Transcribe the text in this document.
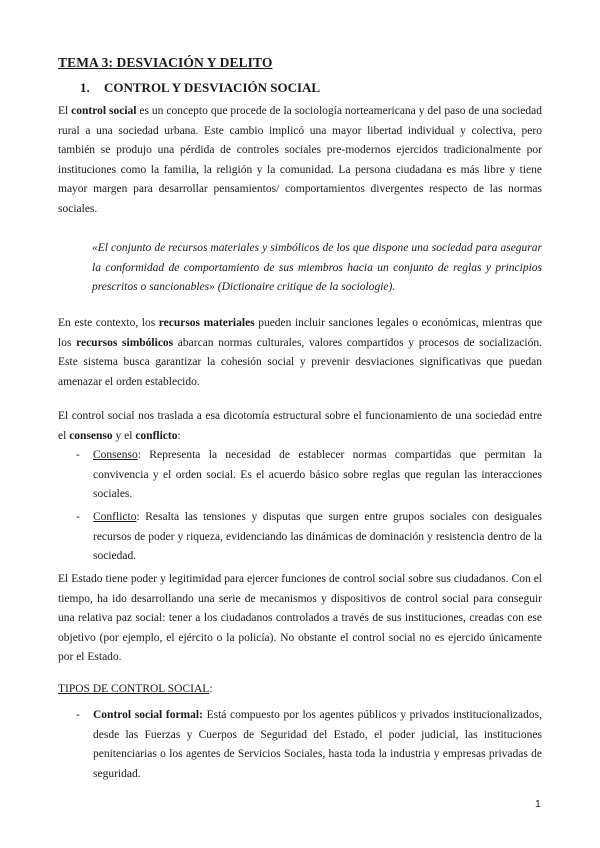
TEMA 3: DESVIACIÓN Y DELITO
1. CONTROL Y DESVIACIÓN SOCIAL
El control social es un concepto que procede de la sociología norteamericana y del paso de una sociedad rural a una sociedad urbana. Este cambio implicó una mayor libertad individual y colectiva, pero también se produjo una pérdida de controles sociales pre-modernos ejercidos tradicionalmente por instituciones como la familia, la religión y la comunidad. La persona ciudadana es más libre y tiene mayor margen para desarrollar pensamientos/ comportamientos divergentes respecto de las normas sociales.
«El conjunto de recursos materiales y simbólicos de los que dispone una sociedad para asegurar la conformidad de comportamiento de sus miembros hacia un conjunto de reglas y principios prescritos o sancionables» (Dictionaire critique de la sociologie).
En este contexto, los recursos materiales pueden incluir sanciones legales o económicas, mientras que los recursos simbólicos abarcan normas culturales, valores compartidos y procesos de socialización. Este sistema busca garantizar la cohesión social y prevenir desviaciones significativas que puedan amenazar el orden establecido.
El control social nos traslada a esa dicotomía estructural sobre el funcionamiento de una sociedad entre el consenso y el conflicto:
- Consenso: Representa la necesidad de establecer normas compartidas que permitan la convivencia y el orden social. Es el acuerdo básico sobre reglas que regulan las interacciones sociales.
- Conflicto: Resalta las tensiones y disputas que surgen entre grupos sociales con desiguales recursos de poder y riqueza, evidenciando las dinámicas de dominación y resistencia dentro de la sociedad.
El Estado tiene poder y legitimidad para ejercer funciones de control social sobre sus ciudadanos. Con el tiempo, ha ido desarrollando una serie de mecanismos y dispositivos de control social para conseguir una relativa paz social: tener a los ciudadanos controlados a través de sus instituciones, creadas con ese objetivo (por ejemplo, el ejército o la policía). No obstante el control social no es ejercido únicamente por el Estado.
TIPOS DE CONTROL SOCIAL:
- Control social formal: Está compuesto por los agentes públicos y privados institucionalizados, desde las Fuerzas y Cuerpos de Seguridad del Estado, el poder judicial, las instituciones penitenciarias o los agentes de Servicios Sociales, hasta toda la industria y empresas privadas de seguridad.
1
